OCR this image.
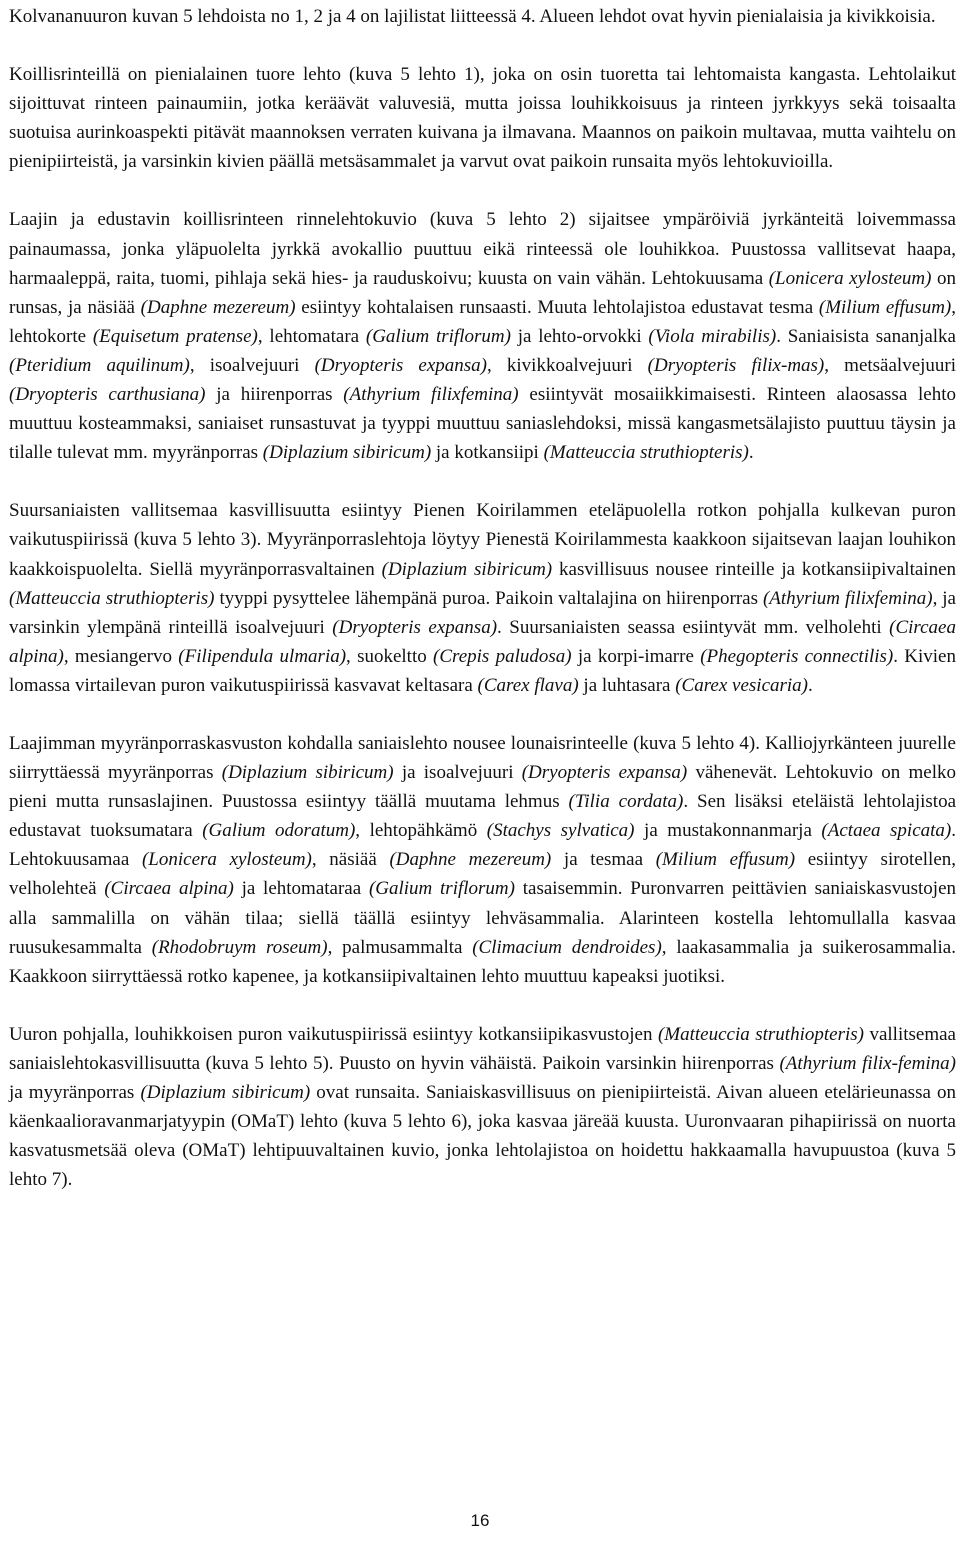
Kolvananuuron kuvan 5 lehdoista no 1, 2 ja 4 on lajilistat liitteessä 4. Alueen lehdot ovat hyvin pienialaisia ja kivikkoisia.

Koillisrinteillä on pienialainen tuore lehto (kuva 5 lehto 1), joka on osin tuoretta tai lehtomaista kangasta. Lehtolaikut sijoittuvat rinteen painaumiin, jotka keräävät valuvesiä, mutta joissa louhikkoisuus ja rinteen jyrkkyys sekä toisaalta suotuisa aurinkoaspekti pitävät maannoksen verraten kuivana ja ilmavana. Maannos on paikoin multavaa, mutta vaihtelu on pienipiirteistä, ja varsinkin kivien päällä metsäsammalet ja varvut ovat paikoin runsaita myös lehtokuvioilla.

Laajin ja edustavin koillisrinteen rinnelehtokuvio (kuva 5 lehto 2) sijaitsee ympäröiviä jyrkänteitä loivemmassa painaumassa, jonka yläpuolelta jyrkkä avokallio puuttuu eikä rinteessä ole louhikkoa. Puustossa vallitsevat haapa, harmaaleppä, raita, tuomi, pihlaja sekä hies- ja rauduskoivu; kuusta on vain vähän. Lehtokuusama (Lonicera xylosteum) on runsas, ja näsiää (Daphne mezereum) esiintyy kohtalaisen runsaasti. Muuta lehtolajistoa edustavat tesma (Milium effusum), lehtokorte (Equisetum pratense), lehtomatara (Galium triflorum) ja lehto-orvokki (Viola mirabilis). Saniaisista sananjalka (Pteridium aquilinum), isoalvejuuri (Dryopteris expansa), kivikkoalvejuuri (Dryopteris filix-mas), metsäalvejuuri (Dryopteris carthusiana) ja hiirenporras (Athyrium filixfemina) esiintyvät mosaiikkimaisesti. Rinteen alaosassa lehto muuttuu kosteammaksi, saniaiset runsastuvat ja tyyppi muuttuu saniaslehdoksi, missä kangasmetsälajisto puuttuu täysin ja tilalle tulevat mm. myyränporras (Diplazium sibiricum) ja kotkansiipi (Matteuccia struthiopteris).

Suursaniaisten vallitsemaa kasvillisuutta esiintyy Pienen Koirilammen eteläpuolella rotkon pohjalla kulkevan puron vaikutuspiirissä (kuva 5 lehto 3). Myyränporraslehtoja löytyy Pienestä Koirilammesta kaakkoon sijaitsevan laajan louhikon kaakkoispuolelta. Siellä myyränporrasvaltainen (Diplazium sibiricum) kasvillisuus nousee rinteille ja kotkansiipivaltainen (Matteuccia struthiopteris) tyyppi pysyttelee lähempänä puroa. Paikoin valtalajina on hiirenporras (Athyrium filixfemina), ja varsinkin ylempänä rinteillä isoalvejuuri (Dryopteris expansa). Suursaniaisten seassa esiintyvät mm. velholehti (Circaea alpina), mesiangervo (Filipendula ulmaria), suokeltto (Crepis paludosa) ja korpi-imarre (Phegopteris connectilis). Kivien lomassa virtailevan puron vaikutuspiirissä kasvavat keltasara (Carex flava) ja luhtasara (Carex vesicaria).

Laajimman myyränporraskasvuston kohdalla saniaislehto nousee lounaisrinteelle (kuva 5 lehto 4). Kalliojyrkänteen juurelle siirryttäessä myyränporras (Diplazium sibiricum) ja isoalvejuuri (Dryopteris expansa) vähenevät. Lehtokuvio on melko pieni mutta runsaslajinen. Puustossa esiintyy täällä muutama lehmus (Tilia cordata). Sen lisäksi eteläistä lehtolajistoa edustavat tuoksumatara (Galium odoratum), lehtopähkämö (Stachys sylvatica) ja mustakonnanmarja (Actaea spicata). Lehtokuusamaa (Lonicera xylosteum), näsiää (Daphne mezereum) ja tesmaa (Milium effusum) esiintyy sirotellen, velholehteä (Circaea alpina) ja lehtomataraa (Galium triflorum) tasaisemmin. Puronvarren peittävien saniaiskasvustojen alla sammalilla on vähän tilaa; siellä täällä esiintyy lehväsammalia. Alarinteen kostella lehtomullalla kasvaa ruusukesammalta (Rhodobruym roseum), palmusammalta (Climacium dendroides), laakasammalia ja suikerosammalia. Kaakkoon siirryttäessä rotko kapenee, ja kotkansiipivaltainen lehto muuttuu kapeaksi juotiksi.

Uuron pohjalla, louhikkoisen puron vaikutuspiirissä esiintyy kotkansiipikasvustojen (Matteuccia struthiopteris) vallitsemaa saniaislehtokasvillisuutta (kuva 5 lehto 5). Puusto on hyvin vähäistä. Paikoin varsinkin hiirenporras (Athyrium filix-femina) ja myyränporras (Diplazium sibiricum) ovat runsaita. Saniaiskasvillisuus on pienipiirteistä. Aivan alueen etelärieunassa on käenkaalioravanmarjatyypin (OMaT) lehto (kuva 5 lehto 6), joka kasvaa järeää kuusta. Uuronvaaran pihapiirissä on nuorta kasvatusmetsää oleva (OMaT) lehtipuuvaltainen kuvio, jonka lehtolajistoa on hoidettu hakkaamalla havupuustoa (kuva 5 lehto 7).

16
